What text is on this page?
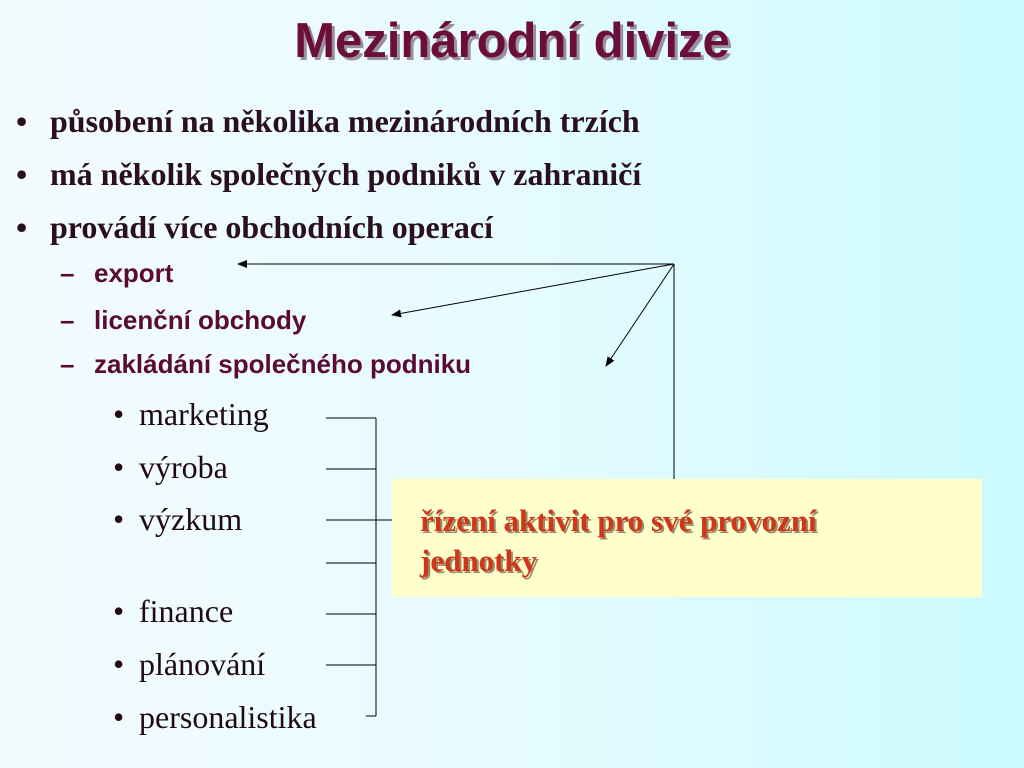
Mezinárodní divize
• působení na několika mezinárodních trzích
• má několik společných podniků v zahraničí
• provádí více obchodních operací
– export
– licenční obchody
– zakládání společného podniku
• marketing
• výroba
• výzkum
• finance
• plánování
• personalistika
řízení aktivit pro své provozní jednotky
